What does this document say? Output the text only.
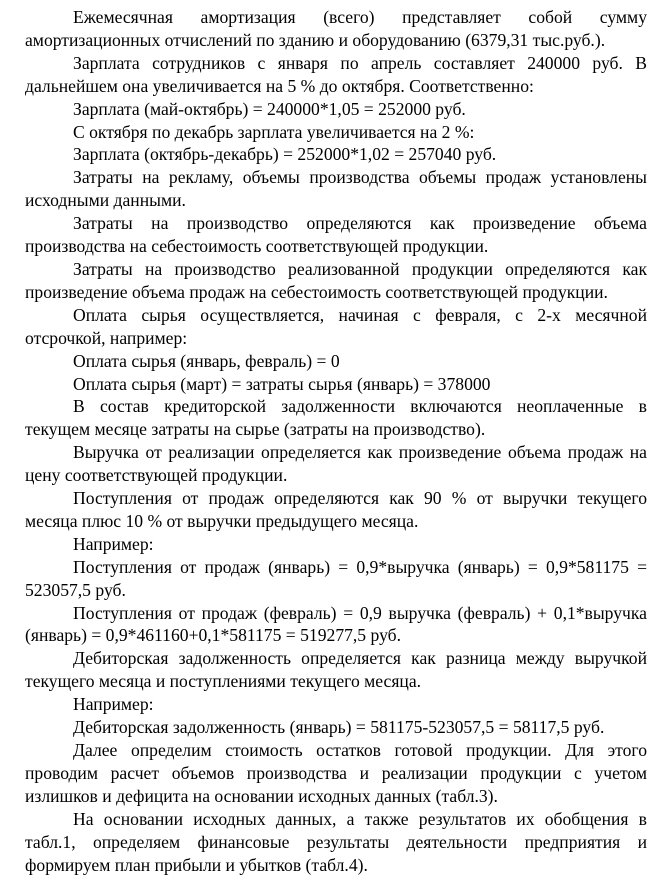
Ежемесячная амортизация (всего) представляет собой сумму амортизационных отчислений по зданию и оборудованию (6379,31 тыс.руб.).

Зарплата сотрудников с января по апрель составляет 240000 руб. В дальнейшем она увеличивается на 5 % до октября. Соответственно:

Зарплата (май-октябрь) = 240000*1,05 = 252000 руб.

С октября по декабрь зарплата увеличивается на 2 %:

Зарплата (октябрь-декабрь) = 252000*1,02 = 257040 руб.

Затраты на рекламу, объемы производства объемы продаж установлены исходными данными.

Затраты на производство определяются как произведение объема производства на себестоимость соответствующей продукции.

Затраты на производство реализованной продукции определяются как произведение объема продаж на себестоимость соответствующей продукции.

Оплата сырья осуществляется, начиная с февраля, с 2-х месячной отсрочкой, например:

Оплата сырья (январь, февраль) = 0

Оплата сырья (март) = затраты сырья (январь) = 378000

В состав кредиторской задолженности включаются неоплаченные в текущем месяце затраты на сырье (затраты на производство).

Выручка от реализации определяется как произведение объема продаж на цену соответствующей продукции.

Поступления от продаж определяются как 90 % от выручки текущего месяца плюс 10 % от выручки предыдущего месяца.

Например:

Поступления от продаж (январь) = 0,9*выручка (январь) = 0,9*581175 = 523057,5 руб.

Поступления от продаж (февраль) = 0,9 выручка (февраль) + 0,1*выручка (январь) = 0,9*461160+0,1*581175 = 519277,5 руб.

Дебиторская задолженность определяется как разница между выручкой текущего месяца и поступлениями текущего месяца.

Например:

Дебиторская задолженность (январь) = 581175-523057,5 = 58117,5 руб.

Далее определим стоимость остатков готовой продукции. Для этого проводим расчет объемов производства и реализации продукции с учетом излишков и дефицита на основании исходных данных (табл.3).

На основании исходных данных, а также результатов их обобщения в табл.1, определяем финансовые результаты деятельности предприятия и формируем план прибыли и убытков (табл.4).
